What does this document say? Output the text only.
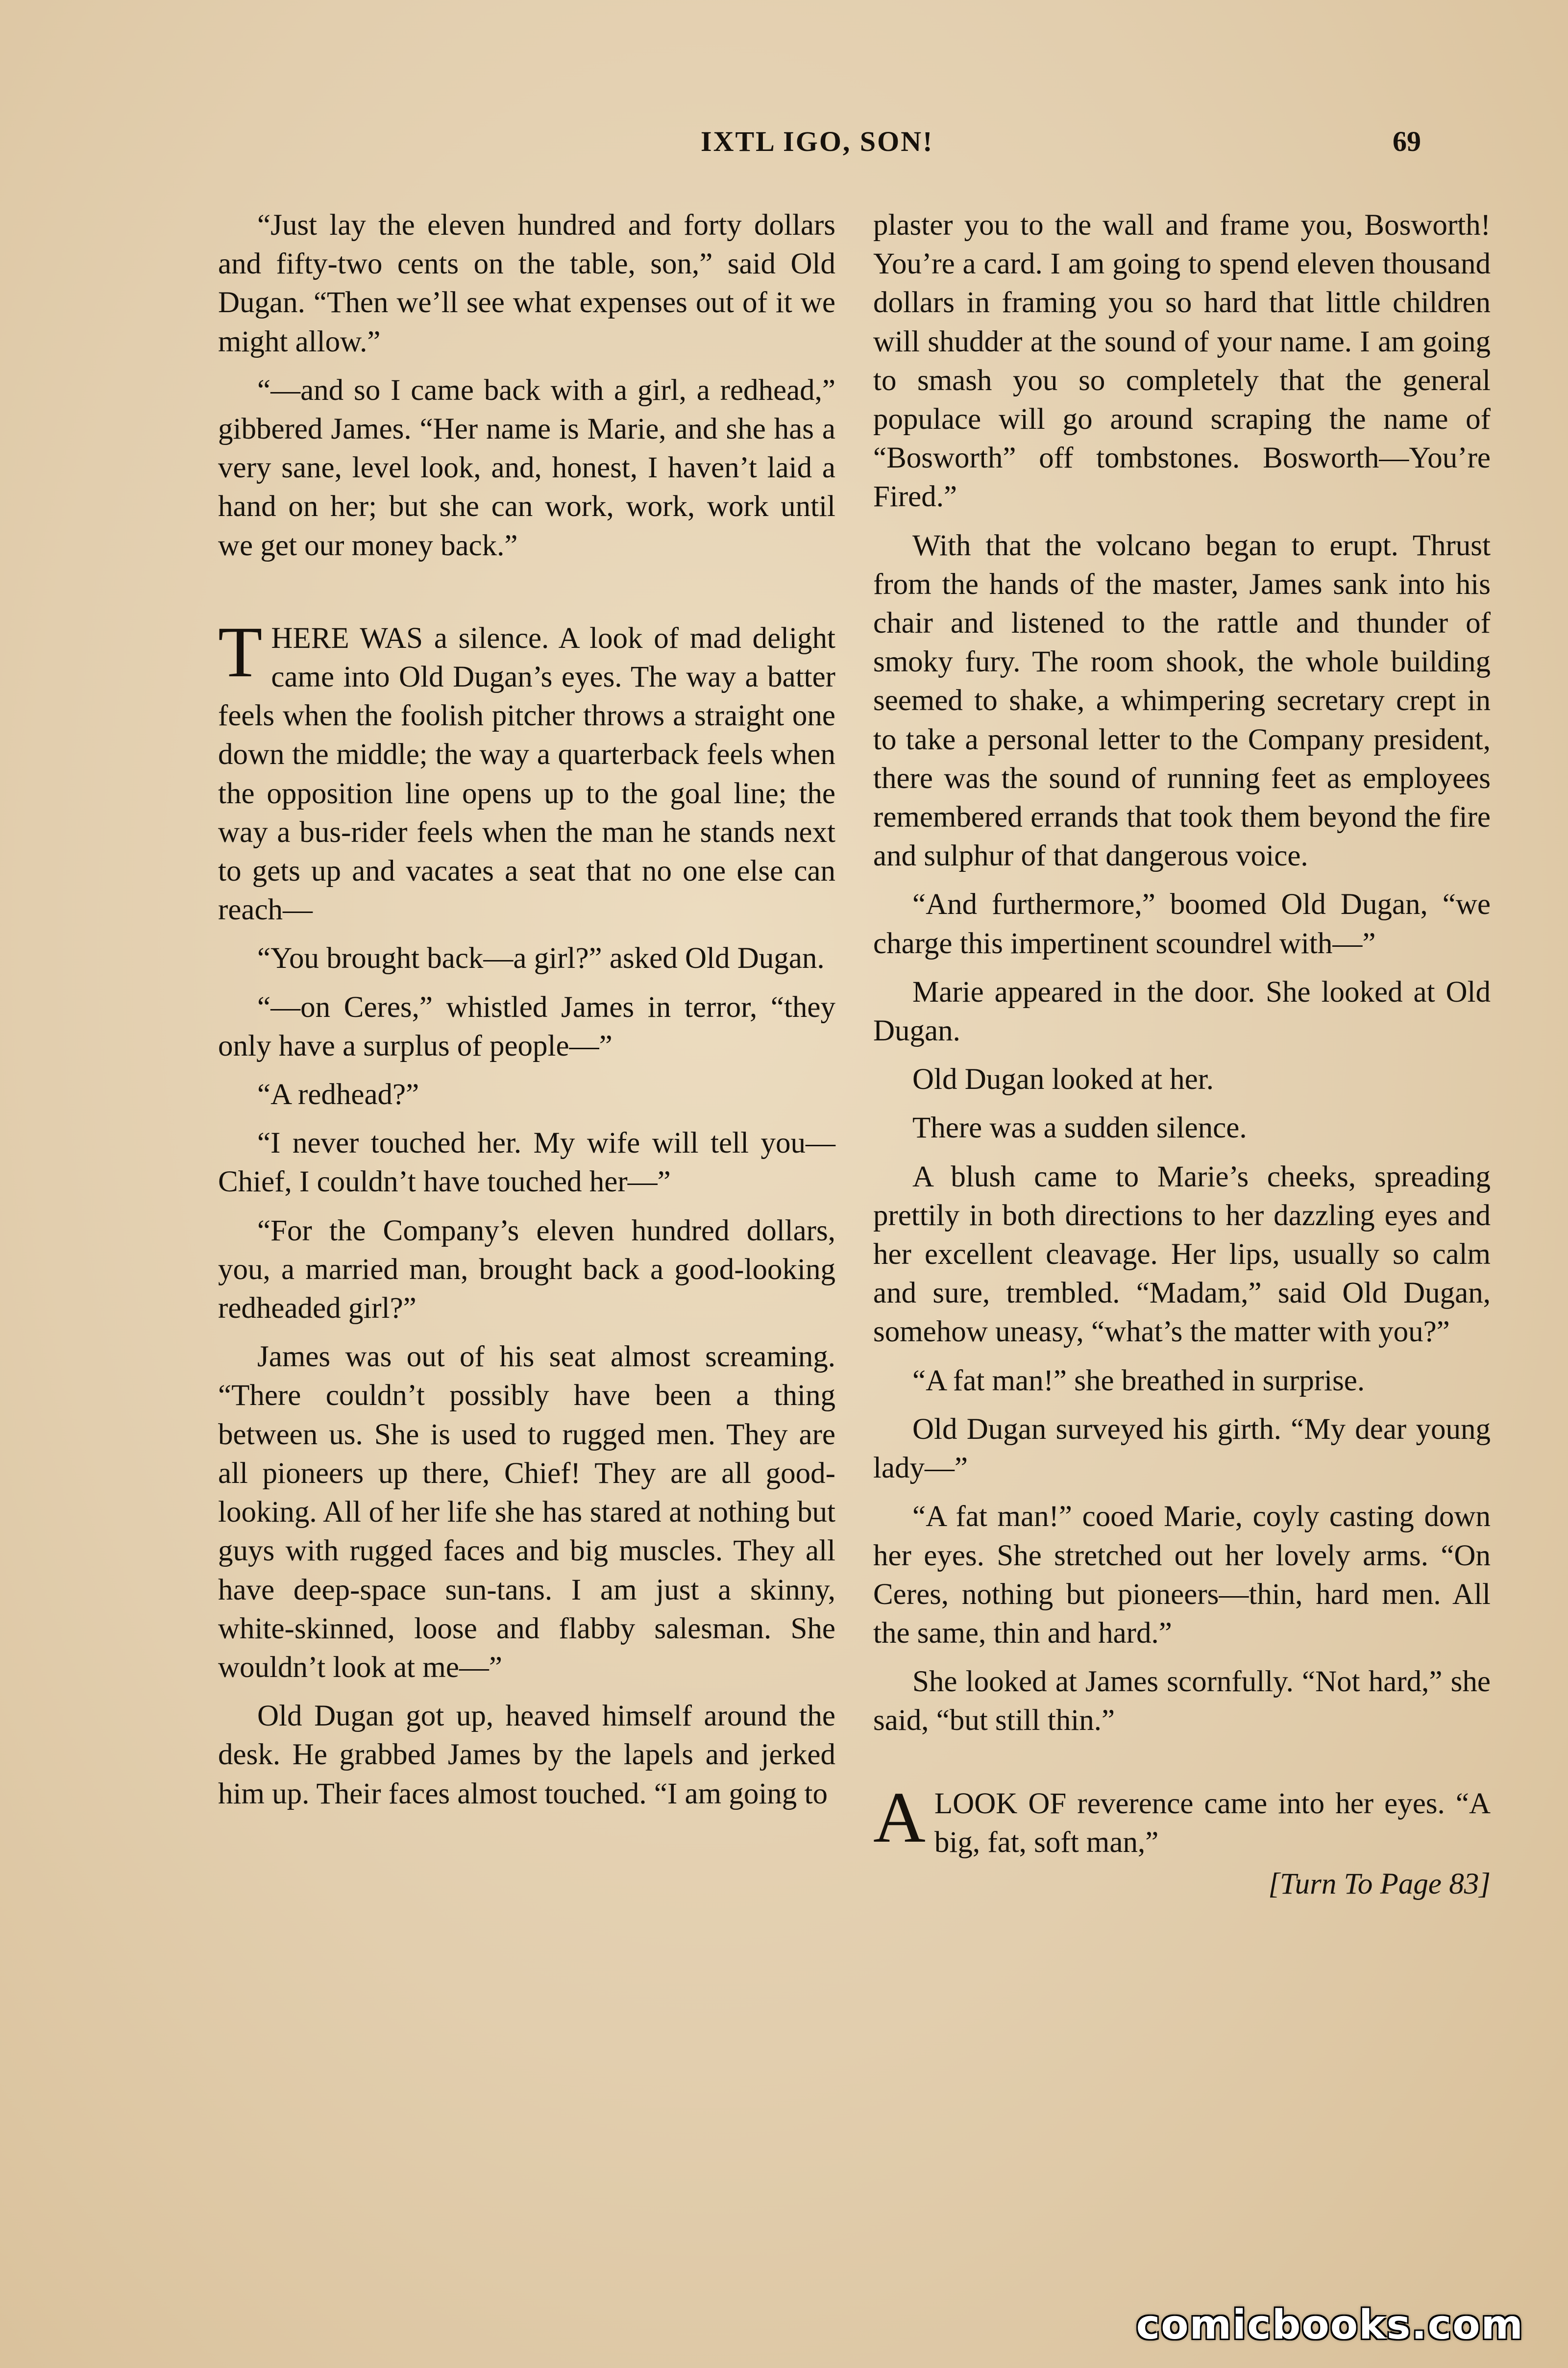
IXTL IGO, SON!	69

“Just lay the eleven hundred and forty dollars and fifty-two cents on the table, son,” said Old Dugan. “Then we’ll see what expenses out of it we might allow.”

“—and so I came back with a girl, a redhead,” gibbered James. “Her name is Marie, and she has a very sane, level look, and, honest, I haven’t laid a hand on her; but she can work, work, work until we get our money back.”

THERE WAS a silence. A look of mad delight came into Old Dugan’s eyes. The way a batter feels when the foolish pitcher throws a straight one down the middle; the way a quarterback feels when the opposition line opens up to the goal line; the way a bus-rider feels when the man he stands next to gets up and vacates a seat that no one else can reach—

“You brought back—a girl?” asked Old Dugan.

“—on Ceres,” whistled James in terror, “they only have a surplus of people—”

“A redhead?”

“I never touched her. My wife will tell you— Chief, I couldn’t have touched her—”

“For the Company’s eleven hundred dollars, you, a married man, brought back a good-looking redheaded girl?”

James was out of his seat almost screaming. “There couldn’t possibly have been a thing between us. She is used to rugged men. They are all pioneers up there, Chief! They are all good-looking. All of her life she has stared at nothing but guys with rugged faces and big muscles. They all have deep-space sun-tans. I am just a skinny, white-skinned, loose and flabby salesman. She wouldn’t look at me—”

Old Dugan got up, heaved himself around the desk. He grabbed James by the lapels and jerked him up. Their faces almost touched. “I am going to

plaster you to the wall and frame you, Bosworth! You’re a card. I am going to spend eleven thousand dollars in framing you so hard that little children will shudder at the sound of your name. I am going to smash you so completely that the general populace will go around scraping the name of “Bosworth” off tombstones. Bosworth—You’re Fired.”

With that the volcano began to erupt. Thrust from the hands of the master, James sank into his chair and listened to the rattle and thunder of smoky fury. The room shook, the whole building seemed to shake, a whimpering secretary crept in to take a personal letter to the Company president, there was the sound of running feet as employees remembered errands that took them beyond the fire and sulphur of that dangerous voice.

“And furthermore,” boomed Old Dugan, “we charge this impertinent scoundrel with—”

Marie appeared in the door. She looked at Old Dugan.

Old Dugan looked at her.

There was a sudden silence.

A blush came to Marie’s cheeks, spreading prettily in both directions to her dazzling eyes and her excellent cleavage. Her lips, usually so calm and sure, trembled. “Madam,” said Old Dugan, somehow uneasy, “what’s the matter with you?”

“A fat man!” she breathed in surprise.

Old Dugan surveyed his girth. “My dear young lady—”

“A fat man!” cooed Marie, coyly casting down her eyes. She stretched out her lovely arms. “On Ceres, nothing but pioneers—thin, hard men. All the same, thin and hard.”

She looked at James scornfully. “Not hard,” she said, “but still thin.”

A LOOK OF reverence came into her eyes. “A big, fat, soft man,”

[Turn To Page 83]

comicbooks.com
